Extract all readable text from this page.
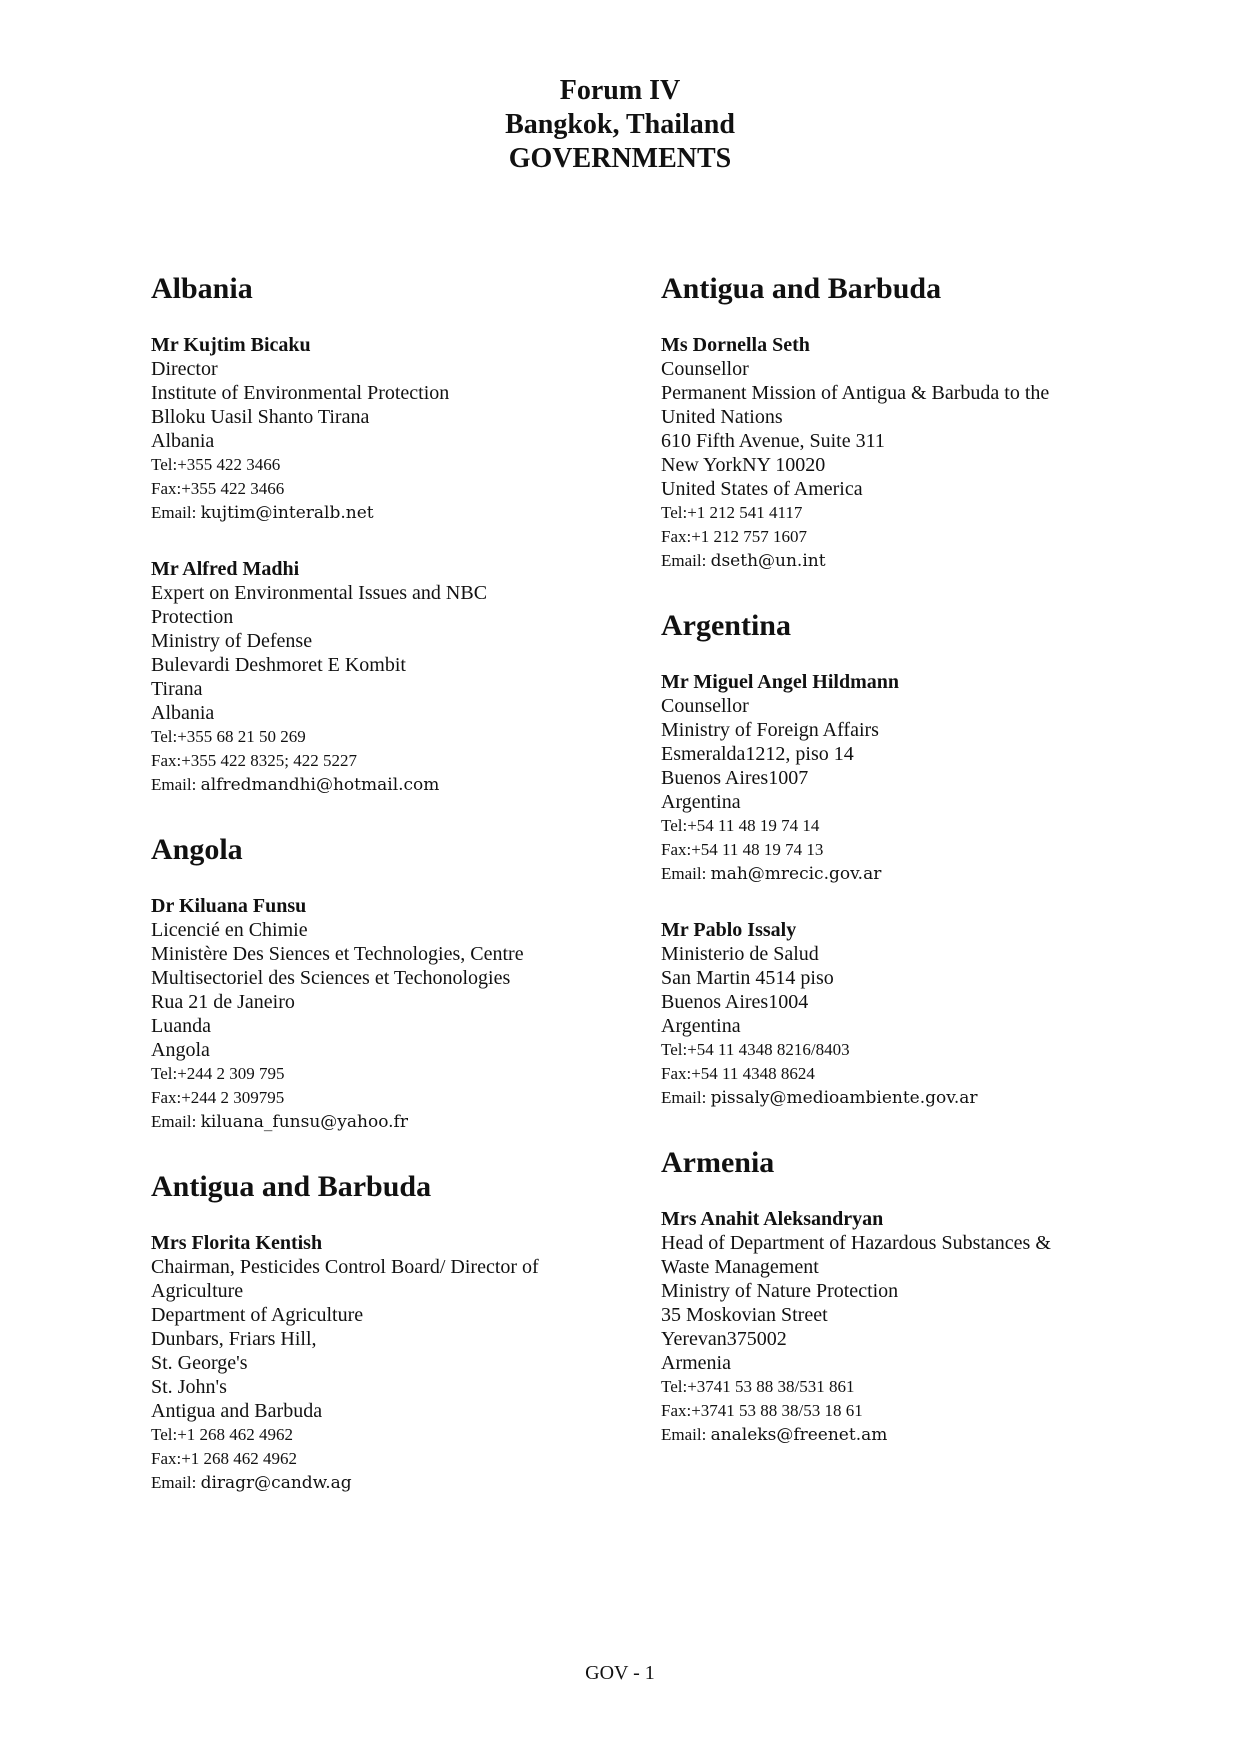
Forum IV
Bangkok, Thailand
GOVERNMENTS
Albania
Mr Kujtim Bicaku
Director
Institute of Environmental Protection
Blloku Uasil Shanto Tirana
Albania
Tel:+355 422 3466
Fax:+355 422 3466
Email: kujtim@interalb.net
Mr Alfred Madhi
Expert on Environmental Issues and NBC
Protection
Ministry of Defense
Bulevardi Deshmoret E Kombit
Tirana
Albania
Tel:+355 68 21 50 269
Fax:+355 422 8325; 422 5227
Email: alfredmandhi@hotmail.com
Angola
Dr Kiluana Funsu
Licencié en Chimie
Ministère Des Siences et Technologies, Centre
Multisectoriel des Sciences et Techonologies
Rua 21 de Janeiro
Luanda
Angola
Tel:+244 2 309 795
Fax:+244 2 309795
Email: kiluana_funsu@yahoo.fr
Antigua and Barbuda
Mrs Florita Kentish
Chairman, Pesticides Control Board/ Director of
Agriculture
Department of Agriculture
Dunbars, Friars Hill,
St. George's
St. John's
Antigua and Barbuda
Tel:+1 268 462 4962
Fax:+1 268 462 4962
Email: diragr@candw.ag
Antigua and Barbuda
Ms Dornella Seth
Counsellor
Permanent Mission of Antigua & Barbuda to the
United Nations
610 Fifth Avenue, Suite 311
New YorkNY 10020
United States of America
Tel:+1 212 541 4117
Fax:+1 212 757 1607
Email: dseth@un.int
Argentina
Mr Miguel Angel Hildmann
Counsellor
Ministry of Foreign Affairs
Esmeralda1212, piso 14
Buenos Aires1007
Argentina
Tel:+54 11 48 19 74 14
Fax:+54 11 48 19 74 13
Email: mah@mrecic.gov.ar
Mr Pablo Issaly
Ministerio de Salud
San Martin 4514 piso
Buenos Aires1004
Argentina
Tel:+54 11 4348 8216/8403
Fax:+54 11 4348 8624
Email: pissaly@medioambiente.gov.ar
Armenia
Mrs Anahit Aleksandryan
Head of Department of Hazardous Substances &
Waste Management
Ministry of Nature Protection
35 Moskovian Street
Yerevan375002
Armenia
Tel:+3741 53 88 38/531 861
Fax:+3741 53 88 38/53 18 61
Email: analeks@freenet.am
GOV - 1
